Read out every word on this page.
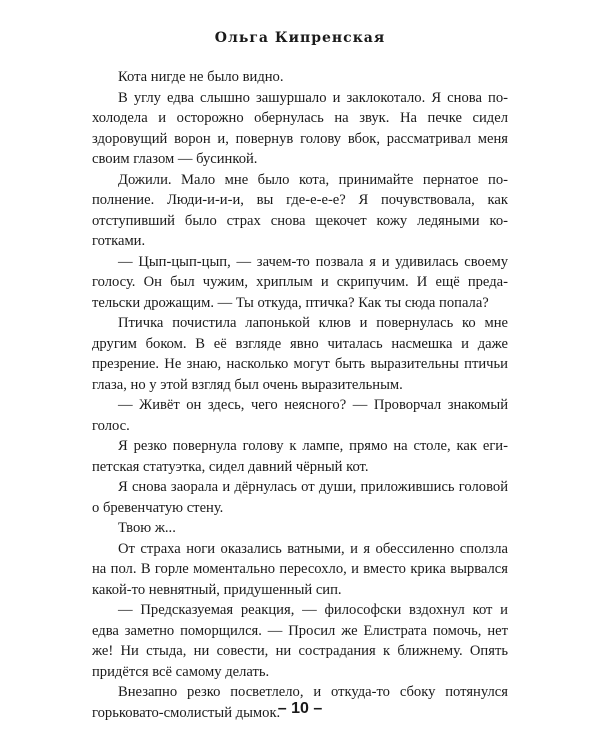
Ольга Кипренская

Кота нигде не было видно.

В углу едва слышно зашуршало и заклокотало. Я снова похолодела и осторожно обернулась на звук. На печке сидел здоровущий ворон и, повернув голову вбок, рассматривал меня своим глазом — бусинкой.

Дожили. Мало мне было кота, принимайте пернатое пополнение. Люди-и-и-и, вы где-е-е-е? Я почувствовала, как отступивший было страх снова щекочет кожу ледяными коготками.

— Цып-цып-цып, — зачем-то позвала я и удивилась своему голосу. Он был чужим, хриплым и скрипучим. И ещё предательски дрожащим. — Ты откуда, птичка? Как ты сюда попала?

Птичка почистила лапонькой клюв и повернулась ко мне другим боком. В её взгляде явно читалась насмешка и даже презрение. Не знаю, насколько могут быть выразительны птичьи глаза, но у этой взгляд был очень выразительным.

— Живёт он здесь, чего неясного? — Проворчал знакомый голос.

Я резко повернула голову к лампе, прямо на столе, как египетская статуэтка, сидел давний чёрный кот.

Я снова заорала и дёрнулась от души, приложившись головой о бревенчатую стену.

Твою ж...

От страха ноги оказались ватными, и я обессиленно сползла на пол. В горле моментально пересохло, и вместо крика вырвался какой-то невнятный, придушенный сип.

— Предсказуемая реакция, — философски вздохнул кот и едва заметно поморщился. — Просил же Елистрата помочь, нет же! Ни стыда, ни совести, ни сострадания к ближнему. Опять придётся всё самому делать.

Внезапно резко посветлело, и откуда-то сбоку потянулся горьковато-смолистый дымок.

– 10 –
